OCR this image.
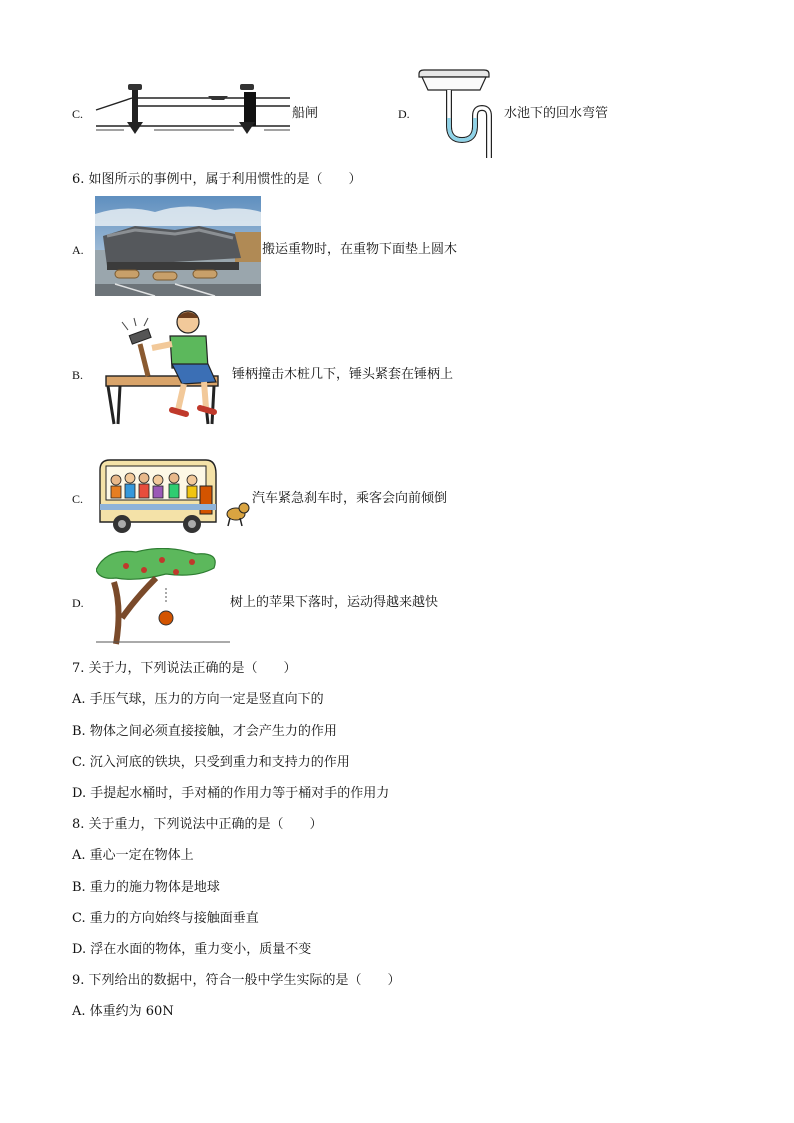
C.	船闸	D.	水池下的回水弯管
6. 如图所示的事例中，属于利用惯性的是（　　）
A.	搬运重物时，在重物下面垫上圆木
B.	锤柄撞击木桩几下，锤头紧套在锤柄上
C.	汽车紧急刹车时，乘客会向前倾倒
D.	树上的苹果下落时，运动得越来越快
7. 关于力，下列说法正确的是（　　）
A. 手压气球，压力的方向一定是竖直向下的
B. 物体之间必须直接接触，才会产生力的作用
C. 沉入河底的铁块，只受到重力和支持力的作用
D. 手提起水桶时，手对桶的作用力等于桶对手的作用力
8. 关于重力，下列说法中正确的是（　　）
A. 重心一定在物体上
B. 重力的施力物体是地球
C. 重力的方向始终与接触面垂直
D. 浮在水面的物体，重力变小，质量不变
9. 下列给出的数据中，符合一般中学生实际的是（　　）
A. 体重约为 60N
